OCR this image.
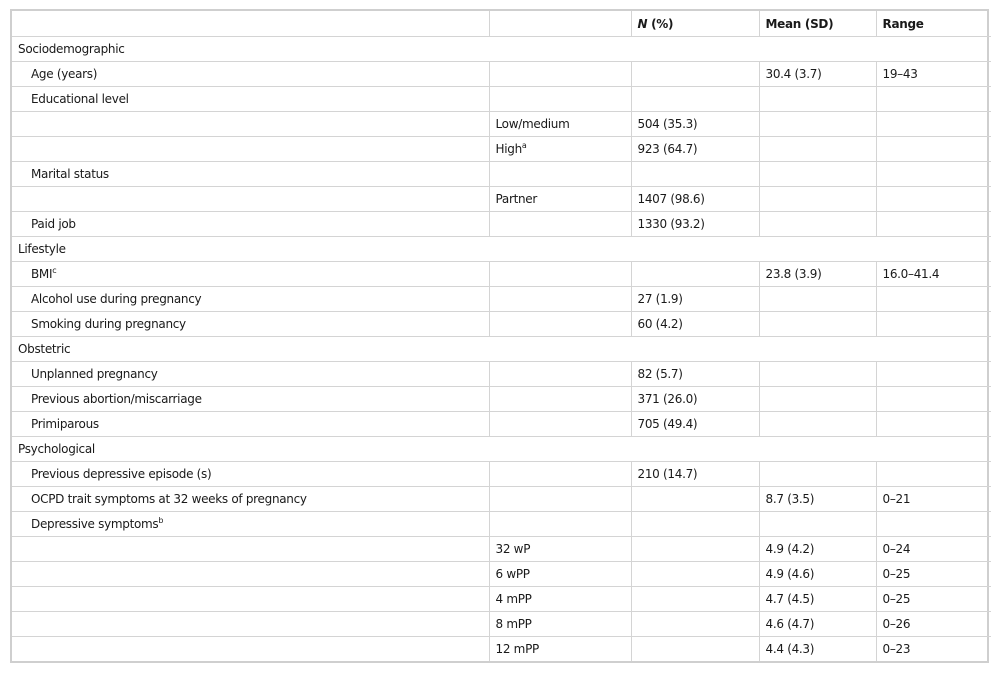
		N (%)	Mean (SD)	Range
Sociodemographic				
Age (years)			30.4 (3.7)	19–43
Educational level				
	Low/medium	504 (35.3)		
	High$^a$	923 (64.7)		
Marital status				
	Partner	1407 (98.6)		
Paid job		1330 (93.2)		
Lifestyle				
BMI$^c$			23.8 (3.9)	16.0–41.4
Alcohol use during pregnancy		27 (1.9)		
Smoking during pregnancy		60 (4.2)		
Obstetric				
Unplanned pregnancy		82 (5.7)		
Previous abortion/miscarriage		371 (26.0)		
Primiparous		705 (49.4)		
Psychological				
Previous depressive episode (s)		210 (14.7)		
OCPD trait symptoms at 32 weeks of pregnancy			8.7 (3.5)	0–21
Depressive symptoms$^b$				
	32 wP		4.9 (4.2)	0–24
	6 wPP		4.9 (4.6)	0–25
	4 mPP		4.7 (4.5)	0–25
	8 mPP		4.6 (4.7)	0–26
	12 mPP		4.4 (4.3)	0–23
